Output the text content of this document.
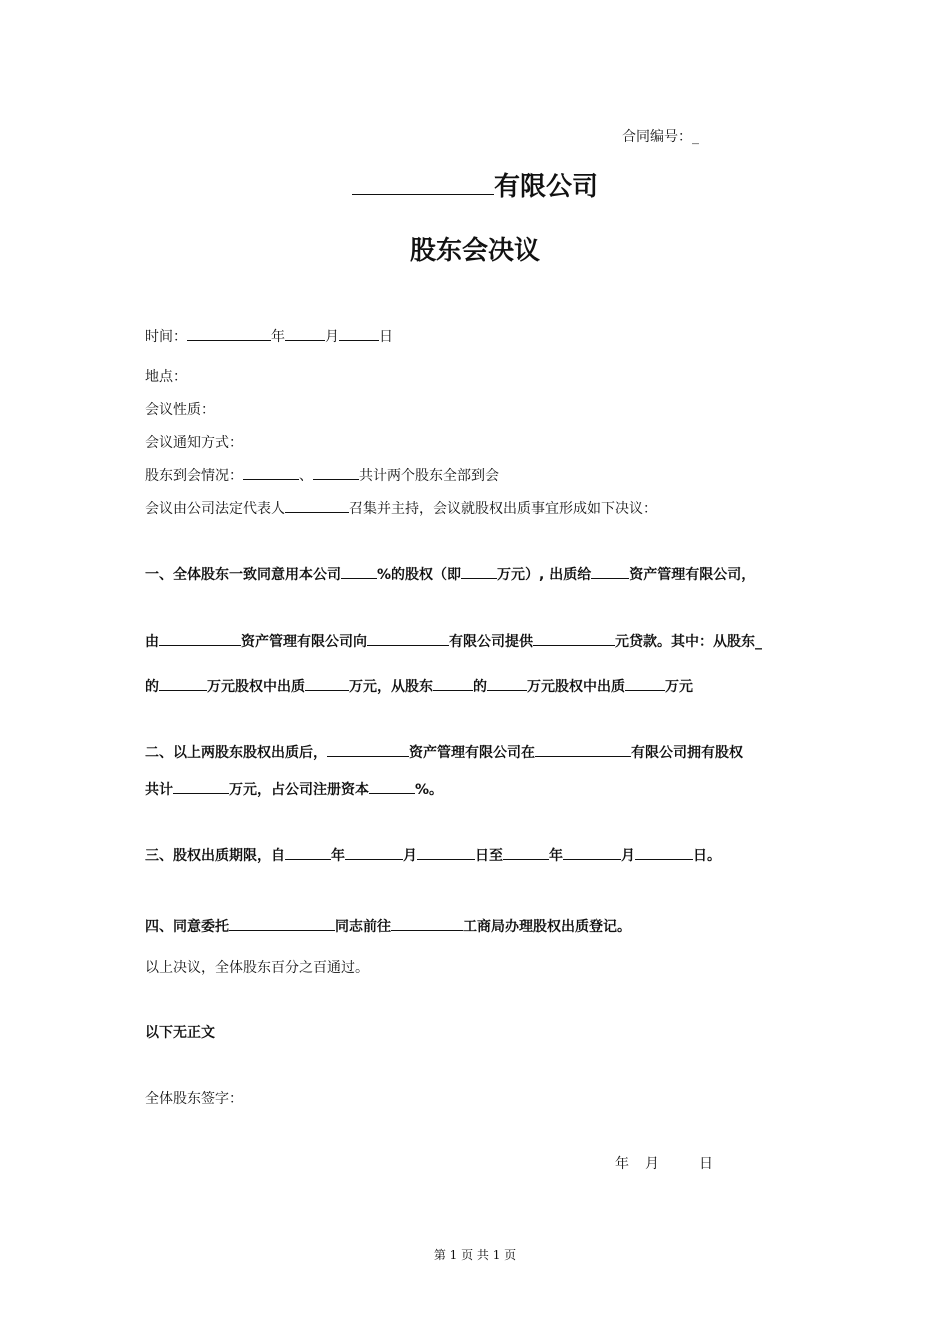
合同编号：_
有限公司
股东会决议
时间：	年	月	日
地点：
会议性质：
会议通知方式：
股东到会情况：	、	共计两个股东全部到会
会议由公司法定代表人	召集并主持，会议就股权出质事宜形成如下决议：
一、全体股东一致同意用本公司	%的股权（即	万元）, 出质给	资产管理有限公司，
由	资产管理有限公司向	有限公司提供	元贷款。其中：从股东_
的	万元股权中出质	万元，从股东	的	万元股权中出质	万元
二、以上两股东股权出质后，	资产管理有限公司在	有限公司拥有股权
共计	万元，占公司注册资本	%。
三、股权出质期限，自	年	月	日至	年	月	日。
四、同意委托	同志前往	工商局办理股权出质登记。
以上决议，全体股东百分之百通过。
以下无正文
全体股东签字：
年 月	日
第 1 页 共 1 页
